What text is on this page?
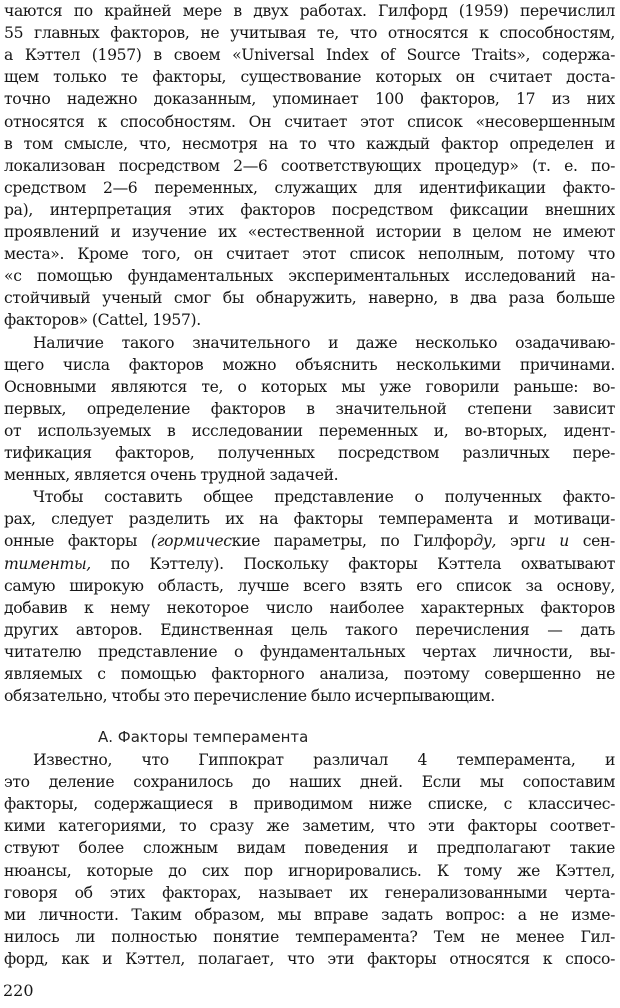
чаются по крайней мере в двух работах. Гилфорд (1959) перечислил
55 главных факторов, не учитывая те, что относятся к способностям,
а Кэттел (1957) в своем «Universal Index of Source Traits», содержа-
щем только те факторы, существование которых он считает доста-
точно надежно доказанным, упоминает 100 факторов, 17 из них
относятся к способностям. Он считает этот список «несовершенным
в том смысле, что, несмотря на то что каждый фактор определен и
локализован посредством 2—6 соответствующих процедур» (т. е. по-
средством 2—6 переменных, служащих для идентификации факто-
ра), интерпретация этих факторов посредством фиксации внешних
проявлений и изучение их «естественной истории в целом не имеют
места». Кроме того, он считает этот список неполным, потому что
«с помощью фундаментальных экспериментальных исследований на-
стойчивый ученый смог бы обнаружить, наверно, в два раза больше
факторов» (Cattel, 1957).
Наличие такого значительного и даже несколько озадачиваю-
щего числа факторов можно объяснить несколькими причинами.
Основными являются те, о которых мы уже говорили раньше: во-
первых, определение факторов в значительной степени зависит
от используемых в исследовании переменных и, во-вторых, идент-
тификация факторов, полученных посредством различных пере-
менных, является очень трудной задачей.
Чтобы составить общее представление о полученных факто-
рах, следует разделить их на факторы темперамента и мотиваци-
онные факторы (гормические параметры, по Гилфорду, эрги и сен-
тименты, по Кэттелу). Поскольку факторы Кэттела охватывают
самую широкую область, лучше всего взять его список за основу,
добавив к нему некоторое число наиболее характерных факторов
других авторов. Единственная цель такого перечисления — дать
читателю представление о фундаментальных чертах личности, вы-
являемых с помощью факторного анализа, поэтому совершенно не
обязательно, чтобы это перечисление было исчерпывающим.
Известно, что Гиппократ различал 4 темперамента, и
это деление сохранилось до наших дней. Если мы сопоставим
факторы, содержащиеся в приводимом ниже списке, с классичес-
кими категориями, то сразу же заметим, что эти факторы соответ-
ствуют более сложным видам поведения и предполагают такие
нюансы, которые до сих пор игнорировались. К тому же Кэттел,
говоря об этих факторах, называет их генерализованными черта-
ми личности. Таким образом, мы вправе задать вопрос: а не изме-
нилось ли полностью понятие темперамента? Тем не менее Гил-
форд, как и Кэттел, полагает, что эти факторы относятся к спосо-
А. Факторы темперамента
220
